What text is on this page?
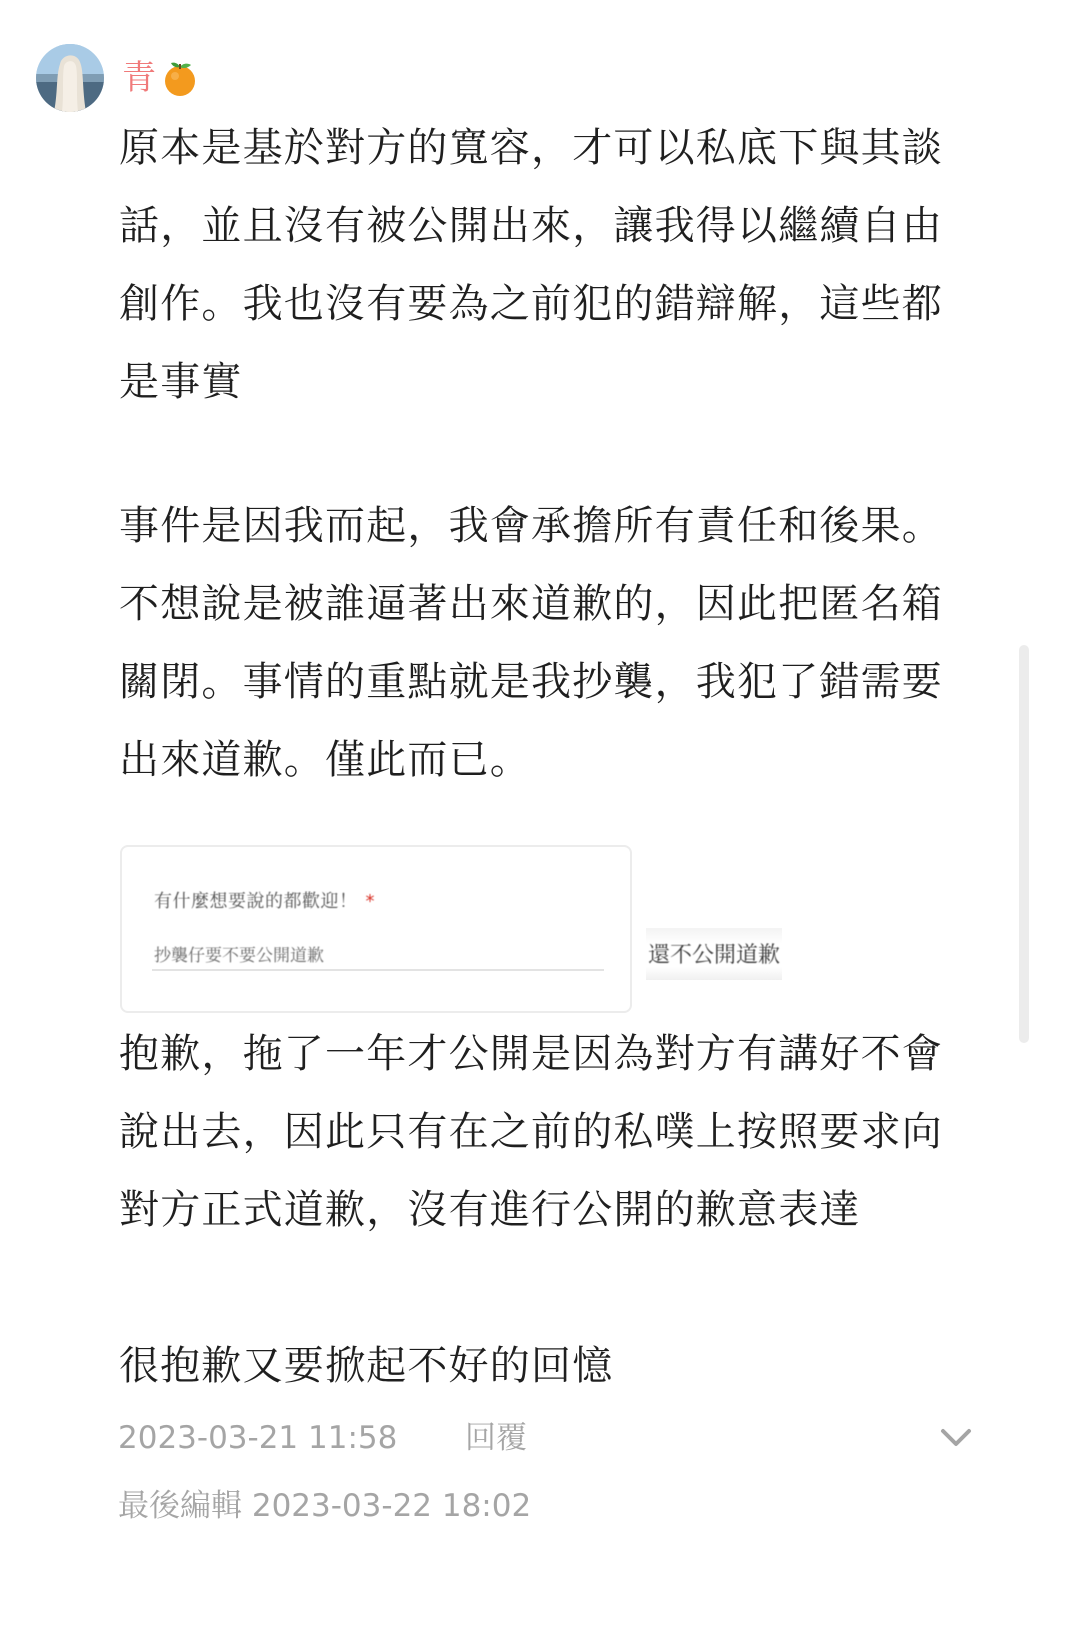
青

原本是基於對方的寬容，才可以私底下與其談話，並且沒有被公開出來，讓我得以繼續自由創作。我也沒有要為之前犯的錯辯解，這些都是事實

事件是因我而起，我會承擔所有責任和後果。不想說是被誰逼著出來道歉的，因此把匿名箱關閉。事情的重點就是我抄襲，我犯了錯需要出來道歉。僅此而已。

有什麼想要說的都歡迎！ *
抄襲仔要不要公開道歉	還不公開道歉

抱歉，拖了一年才公開是因為對方有講好不會說出去，因此只有在之前的私噗上按照要求向對方正式道歉，沒有進行公開的歉意表達

很抱歉又要掀起不好的回憶

2023-03-21 11:58 回覆
最後編輯 2023-03-22 18:02
